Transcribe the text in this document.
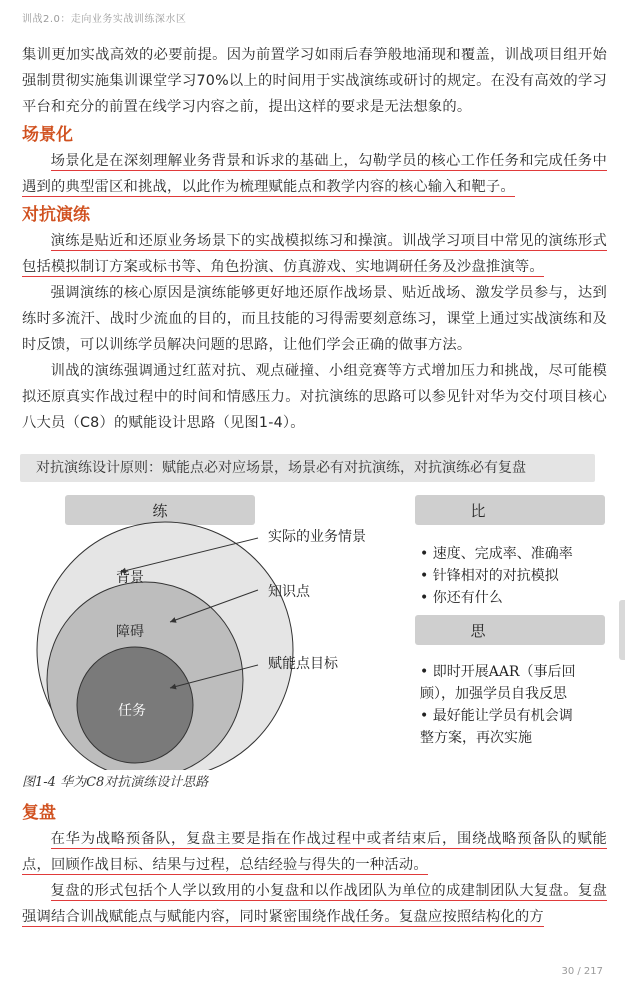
训战2.0：走向业务实战训练深水区

集训更加实战高效的必要前提。因为前置学习如雨后春笋般地涌现和覆盖，训战项目组开始强制贯彻实施集训课堂学习70%以上的时间用于实战演练或研讨的规定。在没有高效的学习平台和充分的前置在线学习内容之前，提出这样的要求是无法想象的。

场景化

场景化是在深刻理解业务背景和诉求的基础上，勾勒学员的核心工作任务和完成任务中遇到的典型雷区和挑战，以此作为梳理赋能点和教学内容的核心输入和靶子。

对抗演练

演练是贴近和还原业务场景下的实战模拟练习和操演。训战学习项目中常见的演练形式包括模拟制订方案或标书等、角色扮演、仿真游戏、实地调研任务及沙盘推演等。

强调演练的核心原因是演练能够更好地还原作战场景、贴近战场、激发学员参与，达到练时多流汗、战时少流血的目的，而且技能的习得需要刻意练习，课堂上通过实战演练和及时反馈，可以训练学员解决问题的思路，让他们学会正确的做事方法。

训战的演练强调通过红蓝对抗、观点碰撞、小组竞赛等方式增加压力和挑战，尽可能模拟还原真实作战过程中的时间和情感压力。对抗演练的思路可以参见针对华为交付项目核心八大员（C8）的赋能设计思路（见图1-4）。

对抗演练设计原则：赋能点必对应场景，场景必有对抗演练，对抗演练必有复盘
练	比
背景
障碍
任务
实际的业务情景
知识点
赋能点目标
• 速度、完成率、准确率
• 针锋相对的对抗模拟
• 你还有什么
思
• 即时开展AAR（事后回
顾），加强学员自我反思
• 最好能让学员有机会调
整方案，再次实施
图1-4 华为C8对抗演练设计思路
复盘

在华为战略预备队，复盘主要是指在作战过程中或者结束后，围绕战略预备队的赋能点，回顾作战目标、结果与过程，总结经验与得失的一种活动。

复盘的形式包括个人学以致用的小复盘和以作战团队为单位的成建制团队大复盘。复盘强调结合训战赋能点与赋能内容，同时紧密围绕作战任务。复盘应按照结构化的方

30 / 217
